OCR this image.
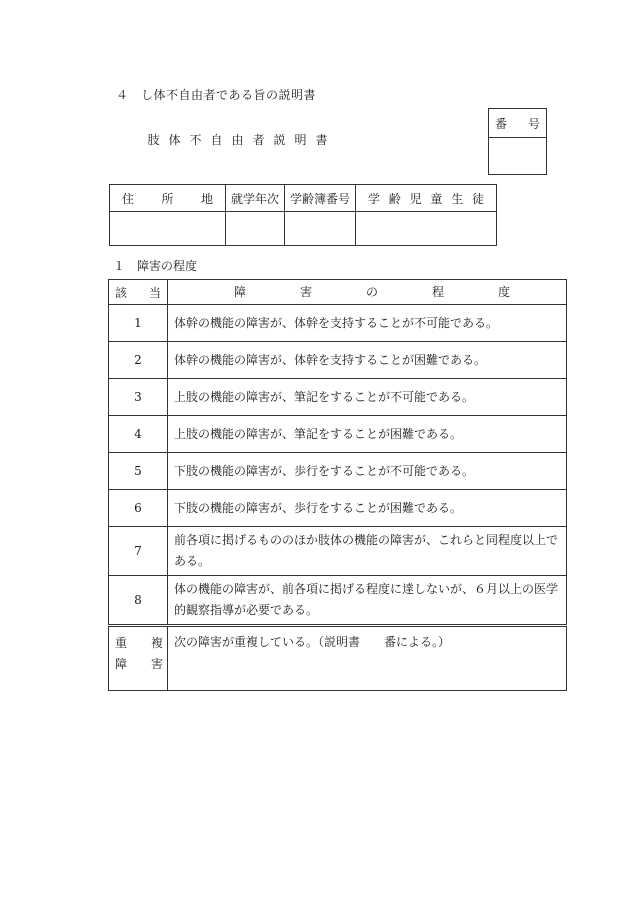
４　し体不自由者である旨の説明書
肢体不自由者説明書
番号

住所地	就学年次	学齢簿番号	学齢児童生徒

１　障害の程度
該当	障害の程度

1	体幹の機能の障害が、体幹を支持することが不可能である。
2	体幹の機能の障害が、体幹を支持することが困難である。
3	上肢の機能の障害が、筆記をすることが不可能である。
4	上肢の機能の障害が、筆記をすることが困難である。
5	下肢の機能の障害が、歩行をすることが不可能である。
6	下肢の機能の障害が、歩行をすることが困難である。
7	前各項に掲げるもののほか肢体の機能の障害が、これらと同程度以上である。
8	体の機能の障害が、前各項に掲げる程度に達しないが、６月以上の医学的観察指導が必要である。

重複
障害	次の障害が重複している。（説明書　　番による。）
